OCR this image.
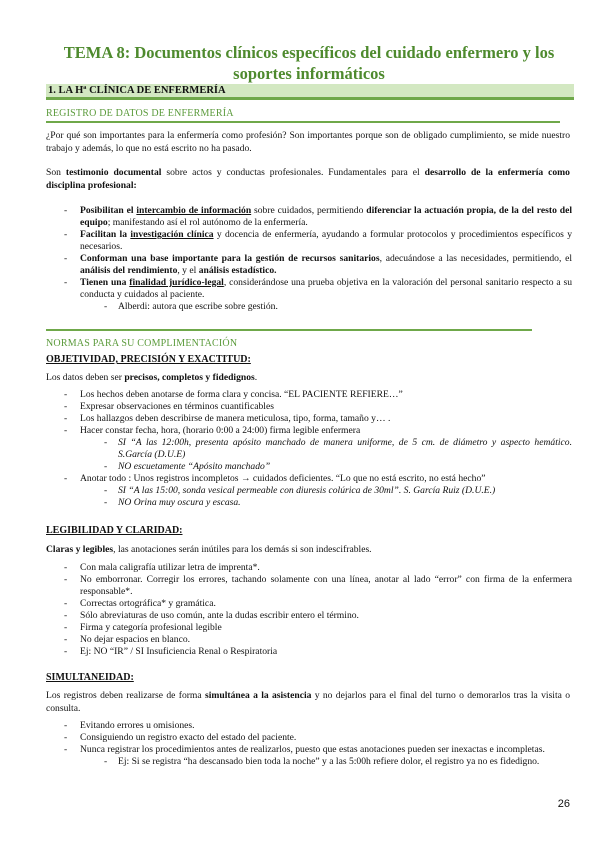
TEMA 8: Documentos clínicos específicos del cuidado enfermero y los
soportes informáticos
1. LA Hª CLÍNICA DE ENFERMERÍA
REGISTRO DE DATOS DE ENFERMERÍA
¿Por qué son importantes para la enfermería como profesión? Son importantes porque son de obligado cumplimiento, se mide nuestro trabajo y además, lo que no está escrito no ha pasado.
Son testimonio documental sobre actos y conductas profesionales. Fundamentales para el desarrollo de la enfermería como disciplina profesional:
- Posibilitan el intercambio de información sobre cuidados, permitiendo diferenciar la actuación propia, de la del resto del equipo; manifestando así el rol autónomo de la enfermería.
- Facilitan la investigación clínica y docencia de enfermería, ayudando a formular protocolos y procedimientos específicos y necesarios.
- Conforman una base importante para la gestión de recursos sanitarios, adecuándose a las necesidades, permitiendo, el análisis del rendimiento, y el análisis estadístico.
- Tienen una finalidad jurídico-legal, considerándose una prueba objetiva en la valoración del personal sanitario respecto a su conducta y cuidados al paciente.
- Alberdi: autora que escribe sobre gestión.
NORMAS PARA SU COMPLIMENTACIÓN
OBJETIVIDAD, PRECISIÓN Y EXACTITUD:
Los datos deben ser precisos, completos y fidedignos.
- Los hechos deben anotarse de forma clara y concisa. “EL PACIENTE REFIERE…”
- Expresar observaciones en términos cuantificables
- Los hallazgos deben describirse de manera meticulosa, tipo, forma, tamaño y… .
- Hacer constar fecha, hora, (horario 0:00 a 24:00) firma legible enfermera
- SI “A las 12:00h, presenta apósito manchado de manera uniforme, de 5 cm. de diámetro y aspecto hemático. S.García (D.U.E)
- NO escuetamente “Apósito manchado”
- Anotar todo : Unos registros incompletos → cuidados deficientes. “Lo que no está escrito, no está hecho”
- SI “A las 15:00, sonda vesical permeable con diuresis colúrica de 30ml”. S. García Ruiz (D.U.E.)
- NO Orina muy oscura y escasa.
LEGIBILIDAD Y CLARIDAD:
Claras y legibles, las anotaciones serán inútiles para los demás si son indescifrables.
- Con mala caligrafía utilizar letra de imprenta*.
- No emborronar. Corregir los errores, tachando solamente con una línea, anotar al lado “error” con firma de la enfermera responsable*.
- Correctas ortográfica* y gramática.
- Sólo abreviaturas de uso común, ante la dudas escribir entero el término.
- Firma y categoría profesional legible
- No dejar espacios en blanco.
- Ej: NO “IR” / SI Insuficiencia Renal o Respiratoria
SIMULTANEIDAD:
Los registros deben realizarse de forma simultánea a la asistencia y no dejarlos para el final del turno o demorarlos tras la visita o consulta.
- Evitando errores u omisiones.
- Consiguiendo un registro exacto del estado del paciente.
- Nunca registrar los procedimientos antes de realizarlos, puesto que estas anotaciones pueden ser inexactas e incompletas.
- Ej: Si se registra “ha descansado bien toda la noche” y a las 5:00h refiere dolor, el registro ya no es fidedigno.
26
